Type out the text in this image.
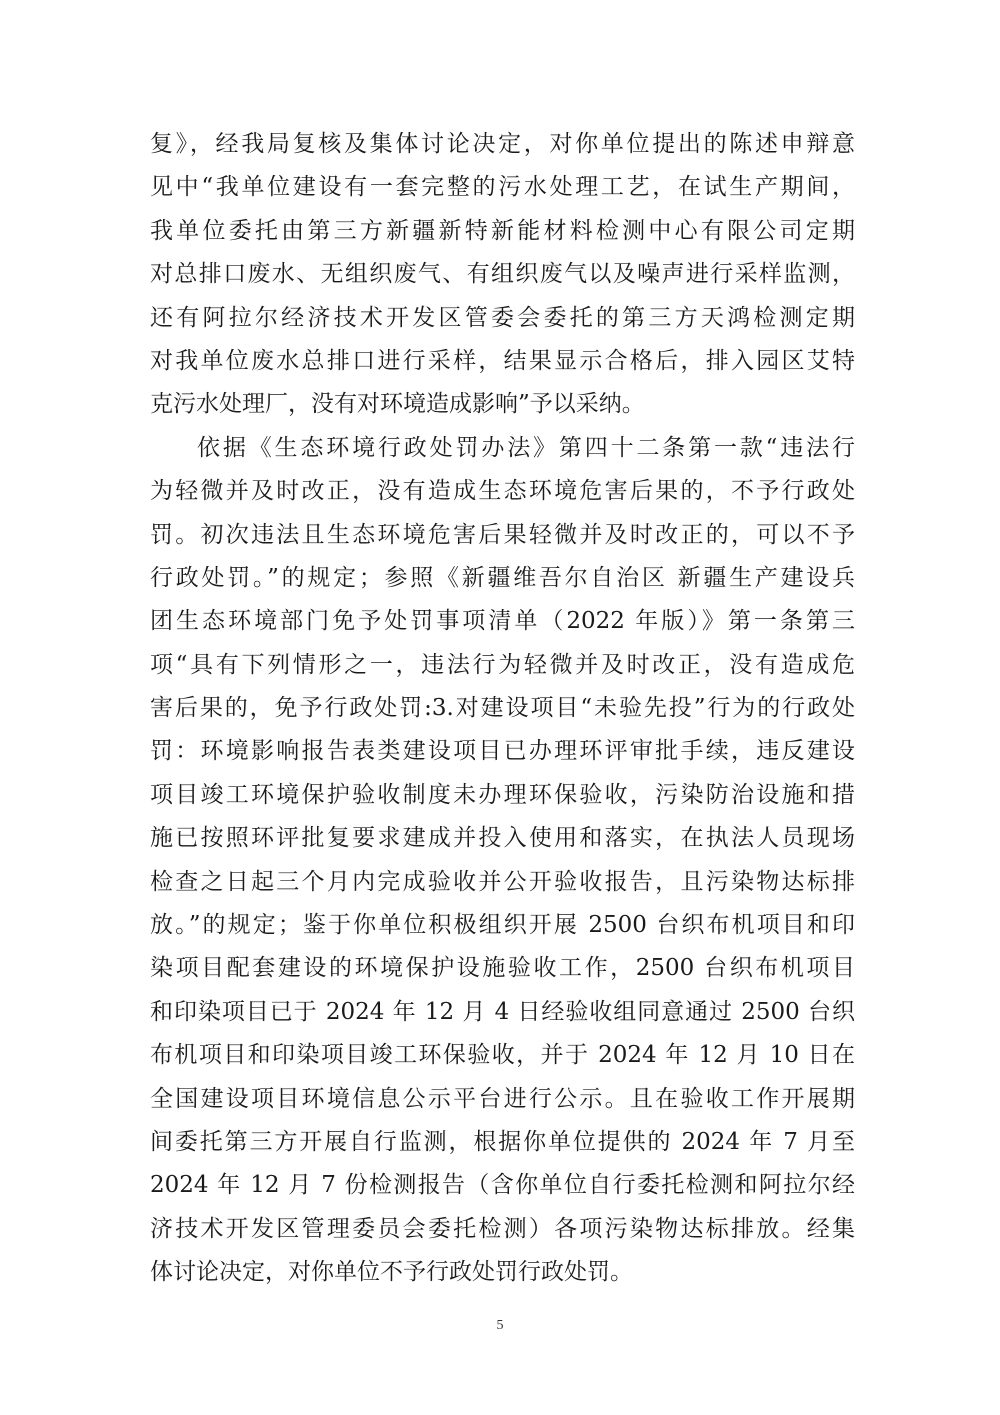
复》，经我局复核及集体讨论决定，对你单位提出的陈述申辩意
见中“我单位建设有一套完整的污水处理工艺，在试生产期间，
我单位委托由第三方新疆新特新能材料检测中心有限公司定期
对总排口废水、无组织废气、有组织废气以及噪声进行采样监测，
还有阿拉尔经济技术开发区管委会委托的第三方天鸿检测定期
对我单位废水总排口进行采样，结果显示合格后，排入园区艾特
克污水处理厂，没有对环境造成影响”予以采纳。
依据《生态环境行政处罚办法》第四十二条第一款“违法行
为轻微并及时改正，没有造成生态环境危害后果的，不予行政处
罚。初次违法且生态环境危害后果轻微并及时改正的，可以不予
行政处罚。”的规定；参照《新疆维吾尔自治区 新疆生产建设兵
团生态环境部门免予处罚事项清单（2022 年版）》第一条第三
项“具有下列情形之一，违法行为轻微并及时改正，没有造成危
害后果的，免予行政处罚:3.对建设项目“未验先投”行为的行政处
罚：环境影响报告表类建设项目已办理环评审批手续，违反建设
项目竣工环境保护验收制度未办理环保验收，污染防治设施和措
施已按照环评批复要求建成并投入使用和落实，在执法人员现场
检查之日起三个月内完成验收并公开验收报告，且污染物达标排
放。”的规定；鉴于你单位积极组织开展 2500 台织布机项目和印
染项目配套建设的环境保护设施验收工作，2500 台织布机项目
和印染项目已于 2024 年 12 月 4 日经验收组同意通过 2500 台织
布机项目和印染项目竣工环保验收，并于 2024 年 12 月 10 日在
全国建设项目环境信息公示平台进行公示。且在验收工作开展期
间委托第三方开展自行监测，根据你单位提供的 2024 年 7 月至
2024 年 12 月 7 份检测报告（含你单位自行委托检测和阿拉尔经
济技术开发区管理委员会委托检测）各项污染物达标排放。经集
体讨论决定，对你单位不予行政处罚行政处罚。
5
